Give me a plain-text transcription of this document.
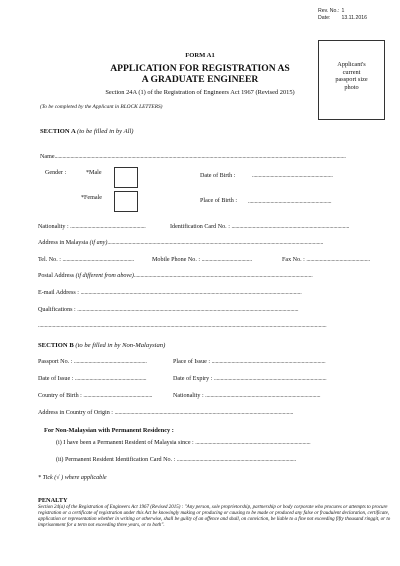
Rev. No.: 1
Date: 13.11.2016
FORM A1
APPLICATION FOR REGISTRATION AS
A GRADUATE ENGINEER
Section 24A (1) of the Registration of Engineers Act 1967 (Revised 2015)
(To be completed by the Applicant in BLOCK LETTERS)
Applicant's
current
passport size
photo
SECTION A (to be filled in by All)
Name............................................................................................................................................................................................................................
Gender :	*Male	Date of Birth :	.............................................................
*Female	Place of Birth : ...............................................................
Nationality : .........................................................	Identification Card No. : .........................................................................................
Address in Malaysia (if any)...................................................................................................................................................................
Tel. No. : ......................................................	Mobile Phone No. : ......................................	Fax No. : ................................................
Postal Address (if different from above).......................................................................................................................................
E-mail Address : .......................................................................................................................................................................
Qualifications : .......................................................................................................................................................................
..........................................................................................................................................................................................................................
SECTION B (to be filled in by Non-Malaysian)
Passport No. : .......................................................	Place of Issue : ......................................................................................
Date of Issue : ......................................................	Date of Expiry : .....................................................................................
Country of Birth : ....................................................	Nationality : .......................................................................................
Address in Country of Origin : .......................................................................................................................................
For Non-Malaysian with Permanent Residency :
(i) I have been a Permanent Resident of Malaysia since : .......................................................................................
(ii) Permanent Resident Identification Card No. : ..........................................................................................
* Tick (√ ) where applicable
PENALTY
Section 24(a) of the Registration of Engineers Act 1967 (Revised 2015) : "Any person, sole proprietorship, partnership or body corporate who procures or attempts to procure registration or a certificate of registration under this Act be knowingly making or producing or causing to be made or produced any false or fraudulent declaration, certificate, application or representation whether in writing or otherwise, shall be guilty of an offence and shall, on conviction, be liable to a fine not exceeding fifty thousand ringgit, or to imprisonment for a term not exceeding three years, or to both".
